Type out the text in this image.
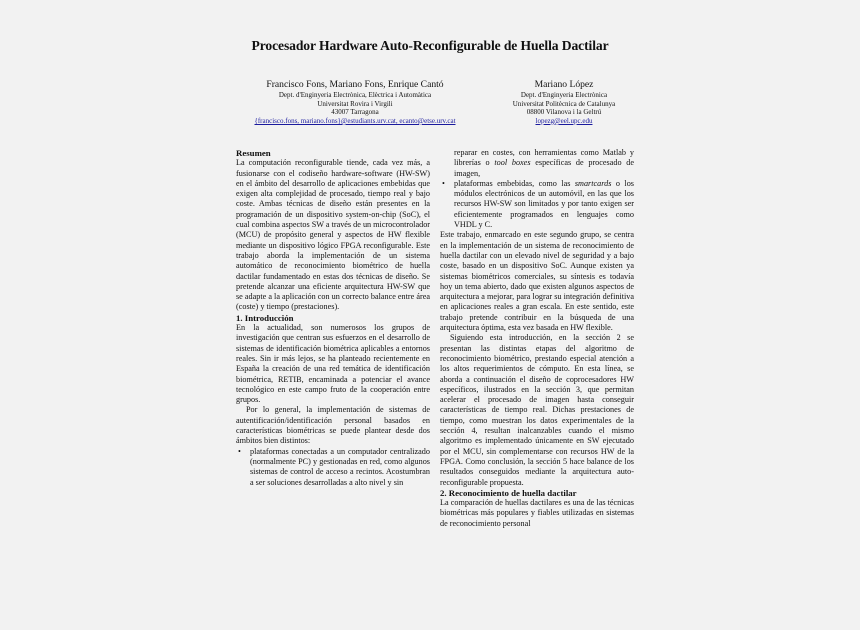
Procesador Hardware Auto-Reconfigurable de Huella Dactilar
Francisco Fons, Mariano Fons, Enrique Cantó
Dept. d'Enginyeria Electrònica, Elèctrica i Automàtica
Universitat Rovira i Virgili
43007 Tarragona
{francisco.fons, mariano.fons}@estudiants.urv.cat, ecanto@etse.urv.cat
Mariano López
Dept. d'Enginyeria Electrònica
Universitat Politècnica de Catalunya
08800 Vilanova i la Geltrú
lopezg@eel.upc.edu

Resumen

La computación reconfigurable tiende, cada vez más, a fusionarse con el codiseño hardware-software (HW-SW) en el ámbito del desarrollo de aplicaciones embebidas que exigen alta complejidad de procesado, tiempo real y bajo coste. Ambas técnicas de diseño están presentes en la programación de un dispositivo system-on-chip (SoC), el cual combina aspectos SW a través de un microcontrolador (MCU) de propósito general y aspectos de HW flexible mediante un dispositivo lógico FPGA reconfigurable. Este trabajo aborda la implementación de un sistema automático de reconocimiento biométrico de huella dactilar fundamentado en estas dos técnicas de diseño. Se pretende alcanzar una eficiente arquitectura HW-SW que se adapte a la aplicación con un correcto balance entre área (coste) y tiempo (prestaciones).

1. Introducción

En la actualidad, son numerosos los grupos de investigación que centran sus esfuerzos en el desarrollo de sistemas de identificación biométrica aplicables a entornos reales. Sin ir más lejos, se ha planteado recientemente en España la creación de una red temática de identificación biométrica, RETIB, encaminada a potenciar el avance tecnológico en este campo fruto de la cooperación entre grupos.

Por lo general, la implementación de sistemas de autentificación/identificación personal basados en características biométricas se puede plantear desde dos ámbitos bien distintos:

• plataformas conectadas a un computador centralizado (normalmente PC) y gestionadas en red, como algunos sistemas de control de acceso a recintos. Acostumbran a ser soluciones desarrolladas a alto nivel y sin
reparar en costes, con herramientas como Matlab y librerías o tool boxes específicas de procesado de imagen,
• plataformas embebidas, como las smartcards o los módulos electrónicos de un automóvil, en las que los recursos HW-SW son limitados y por tanto exigen ser eficientemente programados en lenguajes como VHDL y C.

Este trabajo, enmarcado en este segundo grupo, se centra en la implementación de un sistema de reconocimiento de huella dactilar con un elevado nivel de seguridad y a bajo coste, basado en un dispositivo SoC. Aunque existen ya sistemas biométricos comerciales, su síntesis es todavía hoy un tema abierto, dado que existen algunos aspectos de arquitectura a mejorar, para lograr su integración definitiva en aplicaciones reales a gran escala. En este sentido, este trabajo pretende contribuir en la búsqueda de una arquitectura óptima, esta vez basada en HW flexible.

Siguiendo esta introducción, en la sección 2 se presentan las distintas etapas del algoritmo de reconocimiento biométrico, prestando especial atención a los altos requerimientos de cómputo. En esta línea, se aborda a continuación el diseño de coprocesadores HW específicos, ilustrados en la sección 3, que permitan acelerar el procesado de imagen hasta conseguir características de tiempo real. Dichas prestaciones de tiempo, como muestran los datos experimentales de la sección 4, resultan inalcanzables cuando el mismo algoritmo es implementado únicamente en SW ejecutado por el MCU, sin complementarse con recursos HW de la FPGA. Como conclusión, la sección 5 hace balance de los resultados conseguidos mediante la arquitectura auto-reconfigurable propuesta.

2. Reconocimiento de huella dactilar

La comparación de huellas dactilares es una de las técnicas biométricas más populares y fiables utilizadas en sistemas de reconocimiento personal
